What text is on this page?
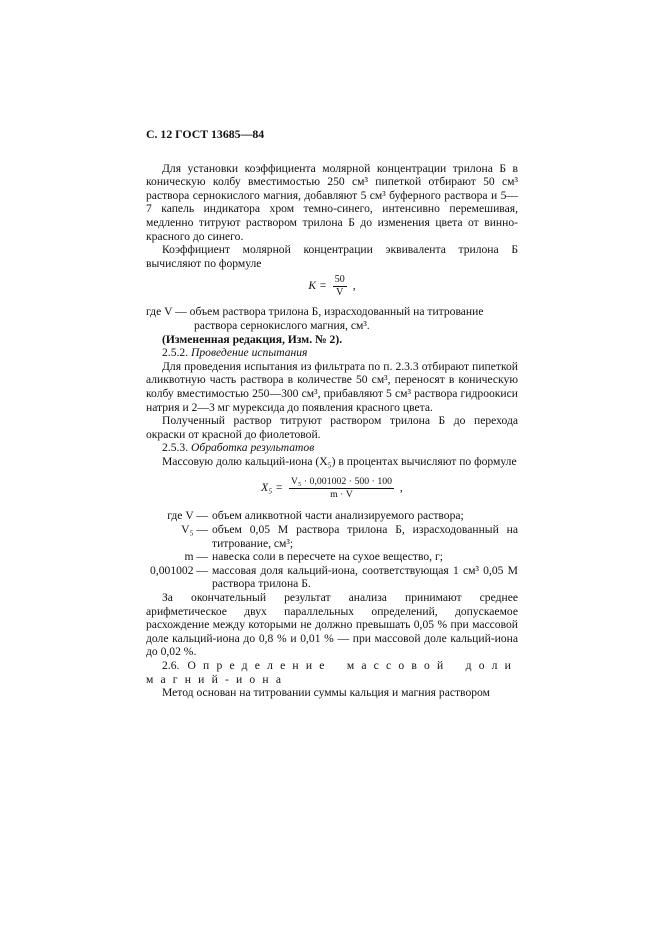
С. 12 ГОСТ 13685—84

Для установки коэффициента молярной концентрации трилона Б в коническую колбу вместимостью 250 см³ пипеткой отбирают 50 см³ раствора сернокислого магния, добавляют 5 см³ буферного раствора и 5—7 капель индикатора хром темно-синего, интенсивно перемешивая, медленно титруют раствором трилона Б до изменения цвета от винно-красного до синего.

Коэффициент молярной концентрации эквивалента трилона Б вычисляют по формуле

$K = \frac{50}{V}$ ,

где V — объем раствора трилона Б, израсходованный на титрование

раствора сернокислого магния, см³.

(Измененная редакция, Изм. № 2).

2.5.2. Проведение испытания

Для проведения испытания из фильтрата по п. 2.3.3 отбирают пипеткой аликвотную часть раствора в количестве 50 см³, переносят в коническую колбу вместимостью 250—300 см³, прибавляют 5 см³ раствора гидроокиси натрия и 2—3 мг мурексида до появления красного цвета.

Полученный раствор титруют раствором трилона Б до перехода окраски от красной до фиолетовой.

2.5.3. Обработка результатов

Массовую долю кальций-иона (X₅) в процентах вычисляют по формуле

$X_5 = \frac{\text{V₅ · 0,001002 · 500 · 100}}{m \cdot V}$ ,
где V — объем аликвотной части анализируемого раствора;
V₅ — объем 0,05 М раствора трилона Б, израсходованный на титрование, см³;
m — навеска соли в пересчете на сухое вещество, г;
0,001002 — массовая доля кальций-иона, соответствующая 1 см³ 0,05 М раствора трилона Б.

За окончательный результат анализа принимают среднее арифметическое двух параллельных определений, допускаемое расхождение между которыми не должно превышать 0,05 % при массовой доле кальций-иона до 0,8 % и 0,01 % — при массовой доле кальций-иона до 0,02 %.

2.6. Определение массовой доли магний-иона

Метод основан на титровании суммы кальция и магния раствором
